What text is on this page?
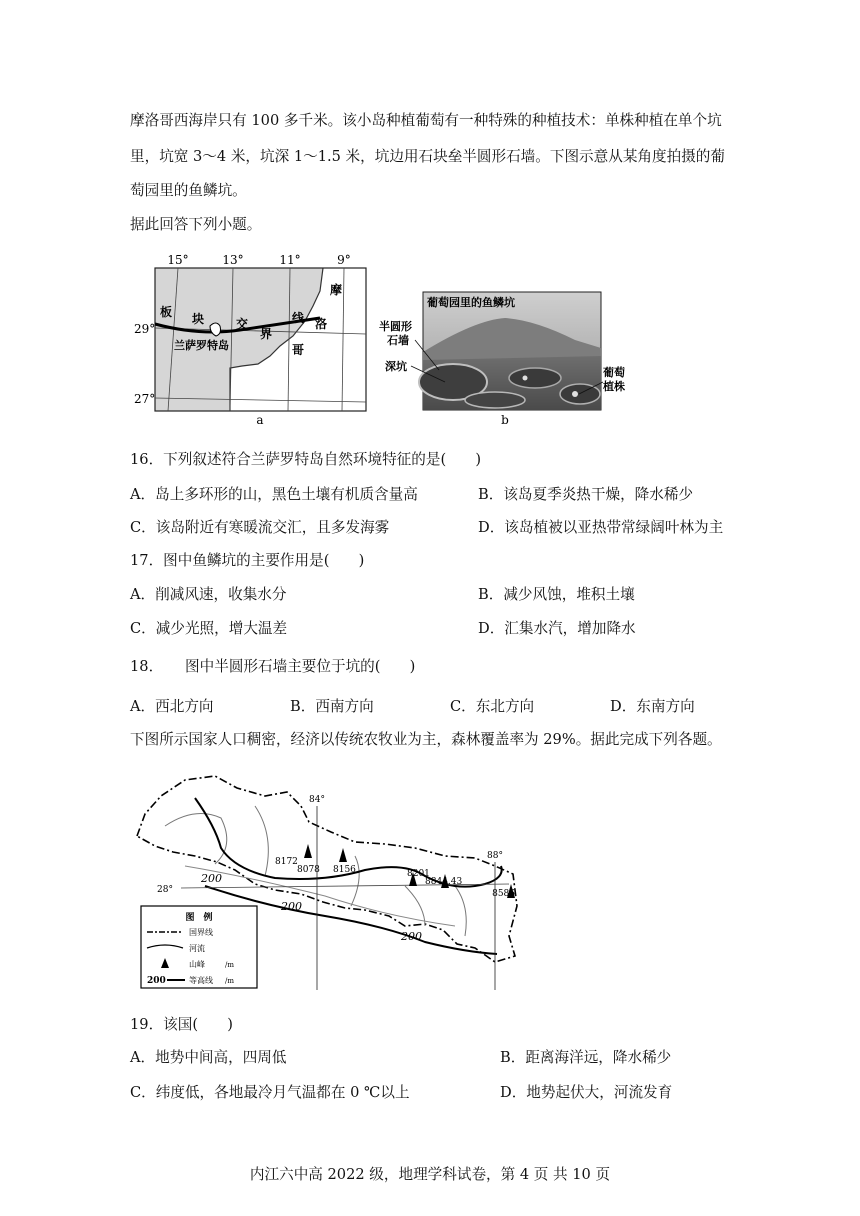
摩洛哥西海岸只有 100 多千米。该小岛种植葡萄有一种特殊的种植技术：单株种植在单个坑
里，坑宽 3～4 米，坑深 1～1.5 米，坑边用石块垒半圆形石墙。下图示意从某角度拍摄的葡
萄园里的鱼鳞坑。
据此回答下列小题。
15°	13°	11°	9°
29°
27°
板 块	交
界
线
摩
洛
哥
兰萨罗特岛
a
葡萄园里的鱼鳞坑
半圆形
石墙
深坑	葡萄
植株
b
16．下列叙述符合兰萨罗特岛自然环境特征的是(　　)
A．岛上多环形的山，黑色土壤有机质含量高	B．该岛夏季炎热干燥，降水稀少
C．该岛附近有寒暖流交汇，且多发海雾	D．该岛植被以亚热带常绿阔叶林为主
17．图中鱼鳞坑的主要作用是(　　)
A．削减风速，收集水分	B．减少风蚀，堆积土壤
C．减少光照，增大温差	D．汇集水汽，增加降水
18．　　图中半圆形石墙主要位于坑的(　　)
A．西北方向	B．西南方向	C．东北方向	D．东南方向
下图所示国家人口稠密，经济以传统农牧业为主，森林覆盖率为 29%。据此完成下列各题。
84°
88°
28°
8172
8078 8156	8201
8844.43
8586
200
200
200
图　例
国界线
河流
山峰	/m
200	等高线 /m
19．该国(　　)
A．地势中间高，四周低	B．距离海洋远，降水稀少
C．纬度低，各地最冷月气温都在 0 ℃以上	D．地势起伏大，河流发育
内江六中高 2022 级，地理学科试卷，第 4 页 共 10 页
